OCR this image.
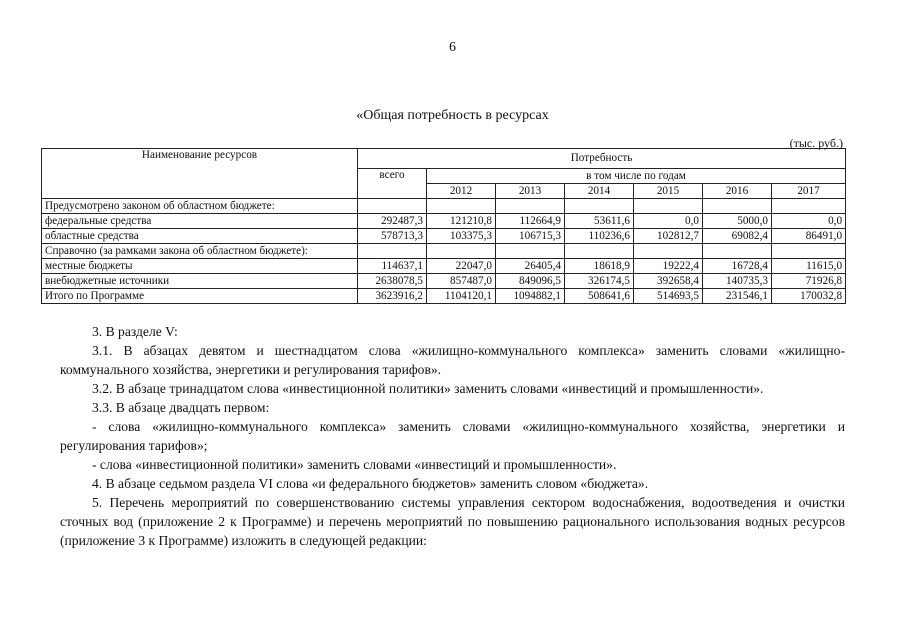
6
«Общая потребность в ресурсах
(тыс. руб.)
Наименование ресурсов	Потребность						
	всего	в том числе по годам					
		2012	2013	2014	2015	2016	2017
Предусмотрено законом об областном бюджете:							
федеральные средства	292487,3	121210,8	112664,9	53611,6	0,0	5000,0	0,0
областные средства	578713,3	103375,3	106715,3	110236,6	102812,7	69082,4	86491,0
Справочно (за рамками закона об областном бюджете):							
местные бюджеты	114637,1	22047,0	26405,4	18618,9	19222,4	16728,4	11615,0
внебюджетные источники	2638078,5	857487,0	849096,5	326174,5	392658,4	140735,3	71926,8
Итого по Программе	3623916,2	1104120,1	1094882,1	508641,6	514693,5	231546,1	170032,8

3. В разделе V:

3.1. В абзацах девятом и шестнадцатом слова «жилищно-коммунального комплекса» заменить словами «жилищно-коммунального хозяйства, энергетики и регулирования тарифов».

3.2. В абзаце тринадцатом слова «инвестиционной политики» заменить словами «инвестиций и промышленности».

3.3. В абзаце двадцать первом:

- слова «жилищно-коммунального комплекса» заменить словами «жилищно-коммунального хозяйства, энергетики и регулирования тарифов»;

- слова «инвестиционной политики» заменить словами «инвестиций и промышленности».

4. В абзаце седьмом раздела VI слова «и федерального бюджетов» заменить словом «бюджета».

5. Перечень мероприятий по совершенствованию системы управления сектором водоснабжения, водоотведения и очистки сточных вод (приложение 2 к Программе) и перечень мероприятий по повышению рационального использования водных ресурсов (приложение 3 к Программе) изложить в следующей редакции:
